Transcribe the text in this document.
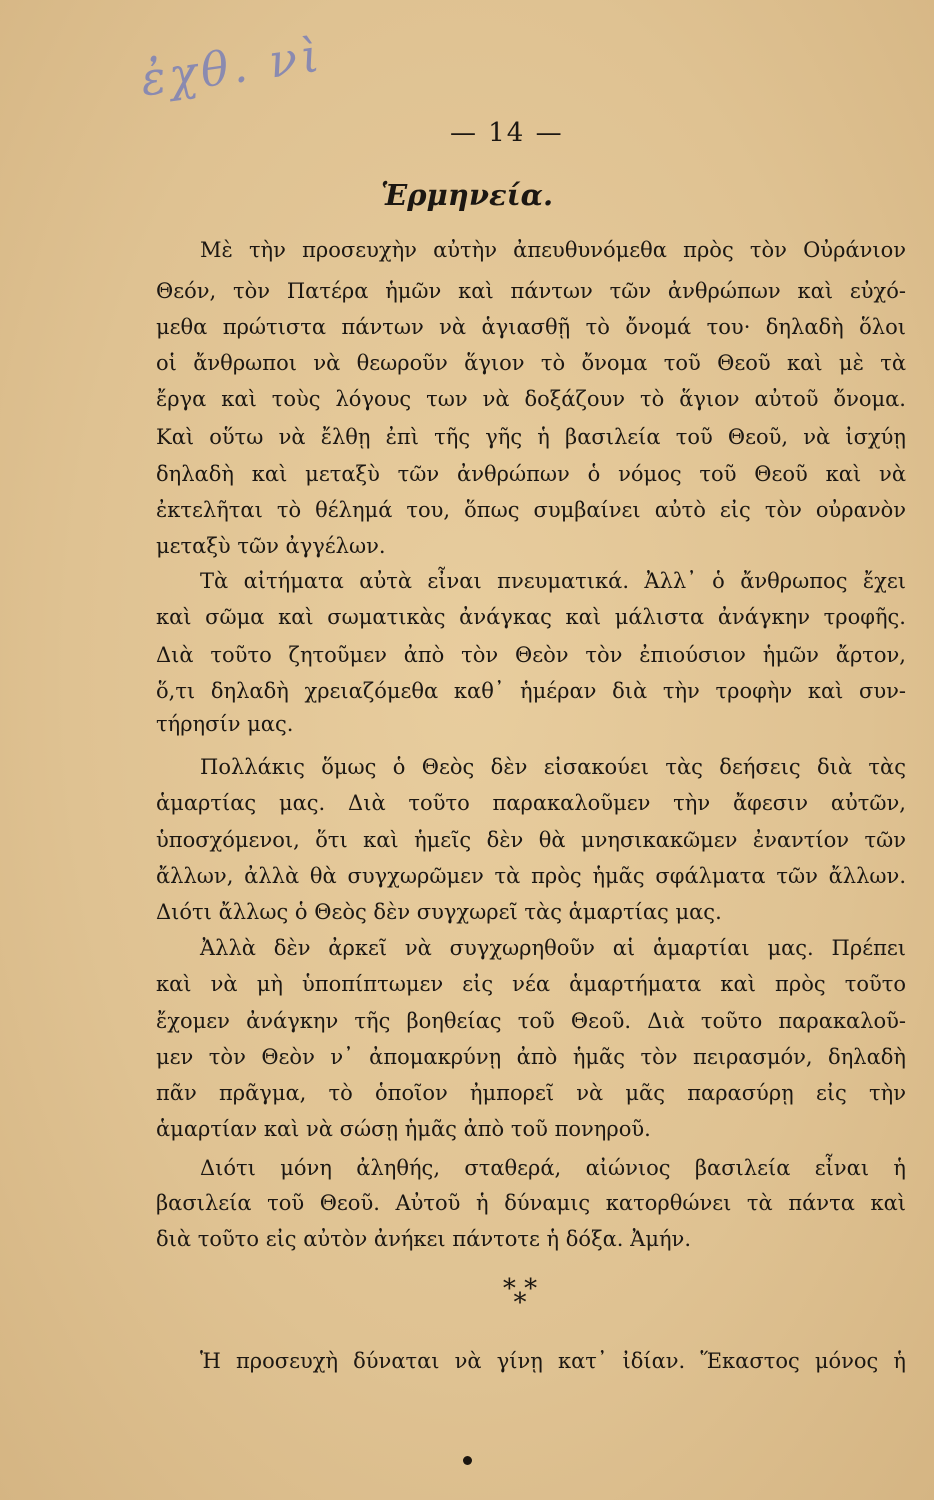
ἐχθ. νὶ
— 14 —
Ἑρμηνεία.
Μὲ τὴν προσευχὴν αὐτὴν ἀπευθυνόμεθα πρὸς τὸν Οὐράνιον
Θεόν, τὸν Πατέρα ἡμῶν καὶ πάντων τῶν ἀνθρώπων καὶ εὐχό-
μεθα πρώτιστα πάντων νὰ ἁγιασθῇ τὸ ὄνομά του· δηλαδὴ ὅλοι
οἱ ἄνθρωποι νὰ θεωροῦν ἅγιον τὸ ὄνομα τοῦ Θεοῦ καὶ μὲ τὰ
ἔργα καὶ τοὺς λόγους των νὰ δοξάζουν τὸ ἅγιον αὐτοῦ ὄνομα.
Καὶ οὕτω νὰ ἔλθῃ ἐπὶ τῆς γῆς ἡ βασιλεία τοῦ Θεοῦ, νὰ ἰσχύῃ
δηλαδὴ καὶ μεταξὺ τῶν ἀνθρώπων ὁ νόμος τοῦ Θεοῦ καὶ νὰ
ἐκτελῆται τὸ θέλημά του, ὅπως συμβαίνει αὐτὸ εἰς τὸν οὐρανὸν
μεταξὺ τῶν ἀγγέλων.
Τὰ αἰτήματα αὐτὰ εἶναι πνευματικά. Ἀλλ᾽ ὁ ἄνθρωπος ἔχει
καὶ σῶμα καὶ σωματικὰς ἀνάγκας καὶ μάλιστα ἀνάγκην τροφῆς.
Διὰ τοῦτο ζητοῦμεν ἀπὸ τὸν Θεὸν τὸν ἐπιούσιον ἡμῶν ἄρτον,
ὅ,τι δηλαδὴ χρειαζόμεθα καθ᾽ ἡμέραν διὰ τὴν τροφὴν καὶ συν-
τήρησίν μας.
Πολλάκις ὅμως ὁ Θεὸς δὲν εἰσακούει τὰς δεήσεις διὰ τὰς
ἁμαρτίας μας. Διὰ τοῦτο παρακαλοῦμεν τὴν ἄφεσιν αὐτῶν,
ὑποσχόμενοι, ὅτι καὶ ἡμεῖς δὲν θὰ μνησικακῶμεν ἐναντίον τῶν
ἄλλων, ἀλλὰ θὰ συγχωρῶμεν τὰ πρὸς ἡμᾶς σφάλματα τῶν ἄλλων.
Διότι ἄλλως ὁ Θεὸς δὲν συγχωρεῖ τὰς ἁμαρτίας μας.
Ἀλλὰ δὲν ἀρκεῖ νὰ συγχωρηθοῦν αἱ ἁμαρτίαι μας. Πρέπει
καὶ νὰ μὴ ὑποπίπτωμεν εἰς νέα ἁμαρτήματα καὶ πρὸς τοῦτο
ἔχομεν ἀνάγκην τῆς βοηθείας τοῦ Θεοῦ. Διὰ τοῦτο παρακαλοῦ-
μεν τὸν Θεὸν ν᾽ ἀπομακρύνῃ ἀπὸ ἡμᾶς τὸν πειρασμόν, δηλαδὴ
πᾶν πρᾶγμα, τὸ ὁποῖον ἠμπορεῖ νὰ μᾶς παρασύρῃ εἰς τὴν
ἁμαρτίαν καὶ νὰ σώσῃ ἡμᾶς ἀπὸ τοῦ πονηροῦ.
Διότι μόνη ἀληθής, σταθερά, αἰώνιος βασιλεία εἶναι ἡ
βασιλεία τοῦ Θεοῦ. Αὐτοῦ ἡ δύναμις κατορθώνει τὰ πάντα καὶ
διὰ τοῦτο εἰς αὐτὸν ἀνήκει πάντοτε ἡ δόξα. Ἀμήν.
* *
*
Ἡ προσευχὴ δύναται νὰ γίνῃ κατ᾽ ἰδίαν. Ἕκαστος μόνος ἡ
